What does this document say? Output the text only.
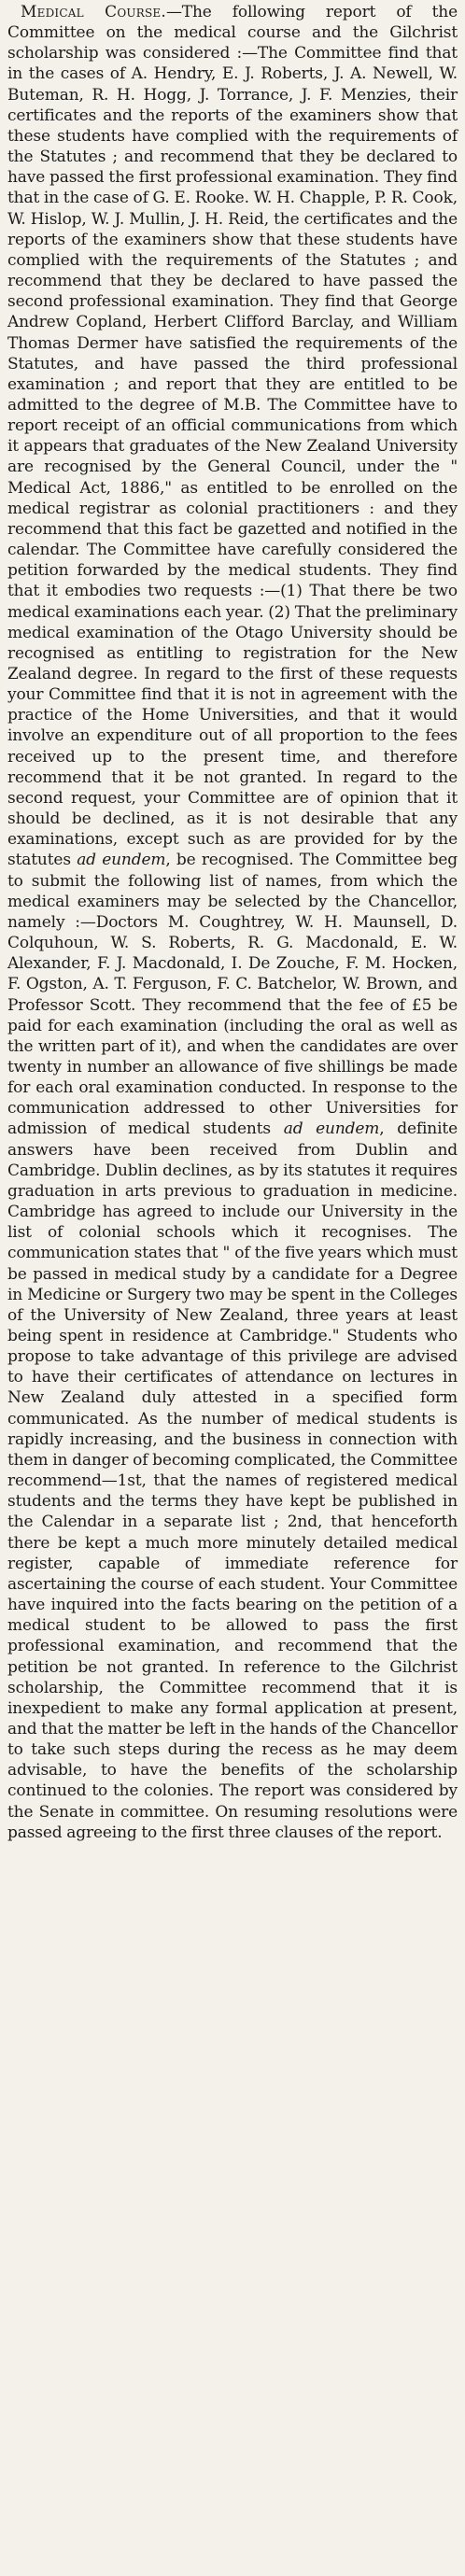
Medical Course.—The following report of the Committee on the medical course and the Gilchrist scholarship was considered :—The Committee find that in the cases of A. Hendry, E. J. Roberts, J. A. Newell, W. Buteman, R. H. Hogg, J. Torrance, J. F. Menzies, their certificates and the reports of the examiners show that these students have complied with the requirements of the Statutes ; and recommend that they be declared to have passed the first professional examination. They find that in the case of G. E. Rooke. W. H. Chapple, P. R. Cook, W. Hislop, W. J. Mullin, J. H. Reid, the certificates and the reports of the examiners show that these students have complied with the requirements of the Statutes ; and recommend that they be declared to have passed the second professional examination. They find that George Andrew Copland, Herbert Clifford Barclay, and William Thomas Dermer have satisfied the requirements of the Statutes, and have passed the third professional examination ; and report that they are entitled to be admitted to the degree of M.B. The Committee have to report receipt of an official communications from which it appears that graduates of the New Zealand University are recognised by the General Council, under the " Medical Act, 1886," as entitled to be enrolled on the medical registrar as colonial practitioners : and they recommend that this fact be gazetted and notified in the calendar. The Committee have carefully considered the petition forwarded by the medical students. They find that it embodies two requests :—(1) That there be two medical examinations each year. (2) That the preliminary medical examination of the Otago University should be recognised as entitling to registration for the New Zealand degree. In regard to the first of these requests your Committee find that it is not in agreement with the practice of the Home Universities, and that it would involve an expenditure out of all proportion to the fees received up to the present time, and therefore recommend that it be not granted. In regard to the second request, your Committee are of opinion that it should be declined, as it is not desirable that any examinations, except such as are provided for by the statutes ad eundem, be recognised. The Committee beg to submit the following list of names, from which the medical examiners may be selected by the Chancellor, namely :—Doctors M. Coughtrey, W. H. Maunsell, D. Colquhoun, W. S. Roberts, R. G. Macdonald, E. W. Alexander, F. J. Macdonald, I. De Zouche, F. M. Hocken, F. Ogston, A. T. Ferguson, F. C. Batchelor, W. Brown, and Professor Scott. They recommend that the fee of £5 be paid for each examination (including the oral as well as the written part of it), and when the candidates are over twenty in number an allowance of five shillings be made for each oral examination conducted. In response to the communication addressed to other Universities for admission of medical students ad eundem, definite answers have been received from Dublin and Cambridge. Dublin declines, as by its statutes it requires graduation in arts previous to graduation in medicine. Cambridge has agreed to include our University in the list of colonial schools which it recognises. The communication states that " of the five years which must be passed in medical study by a candidate for a Degree in Medicine or Surgery two may be spent in the Colleges of the University of New Zealand, three years at least being spent in residence at Cambridge." Students who propose to take advantage of this privilege are advised to have their certificates of attendance on lectures in New Zealand duly attested in a specified form communicated. As the number of medical students is rapidly increasing, and the business in connection with them in danger of becoming complicated, the Committee recommend—1st, that the names of registered medical students and the terms they have kept be published in the Calendar in a separate list ; 2nd, that henceforth there be kept a much more minutely detailed medical register, capable of immediate reference for ascertaining the course of each student. Your Committee have inquired into the facts bearing on the petition of a medical student to be allowed to pass the first professional examination, and recommend that the petition be not granted. In reference to the Gilchrist scholarship, the Committee recommend that it is inexpedient to make any formal application at present, and that the matter be left in the hands of the Chancellor to take such steps during the recess as he may deem advisable, to have the benefits of the scholarship continued to the colonies. The report was considered by the Senate in committee. On resuming resolutions were passed agreeing to the first three clauses of the report.
